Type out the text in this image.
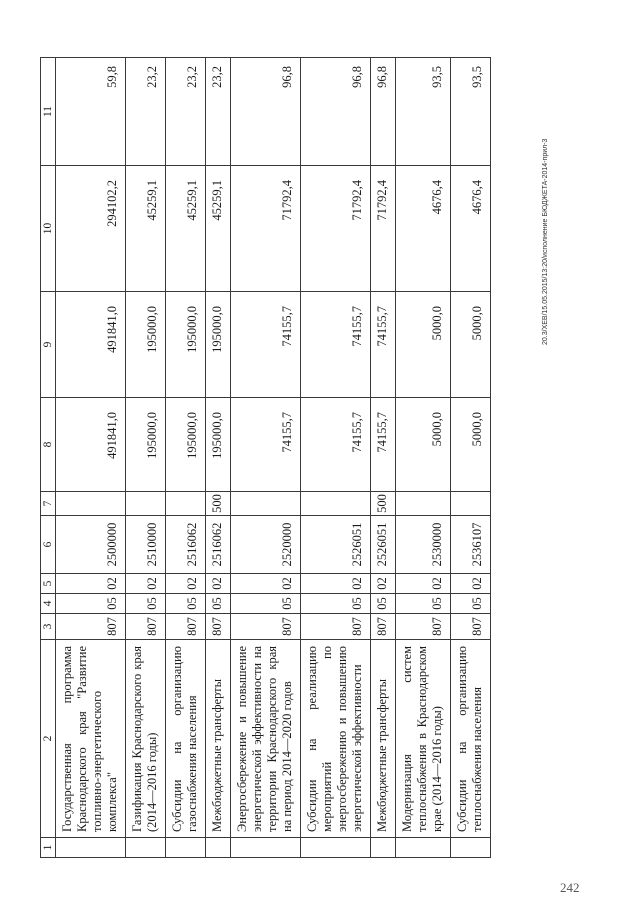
1	2	3	4	5	6	7	8	9	10	11
	Государственная программа Краснодарского края "Развитие топливно-энергетического комплекса"	807	05	02	2500000		491841,0	491841,0	294102,2	59,8
	Газификация Краснодарского края (2014—2016 годы)	807	05	02	2510000		195000,0	195000,0	45259,1	23,2
	Субсидии на организацию газоснабжения населения	807	05	02	2516062		195000,0	195000,0	45259,1	23,2
	Межбюджетные трансферты	807	05	02	2516062	500	195000,0	195000,0	45259,1	23,2
	Энергосбережение и повышение энергетической эффективности на территории Краснодарского края на период 2014—2020 годов	807	05	02	2520000		74155,7	74155,7	71792,4	96,8
	Субсидии на реализацию мероприятий по энергосбережению и повышению энергетической эффективности	807	05	02	2526051		74155,7	74155,7	71792,4	96,8
	Межбюджетные трансферты	807	05	02	2526051	500	74155,7	74155,7	71792,4	96,8
	Модернизация систем теплоснабжения в Краснодарском крае (2014—2016 годы)	807	05	02	2530000		5000,0	5000,0	4676,4	93,5
	Субсидии на организацию теплоснабжения населения	807	05	02	2536107		5000,0	5000,0	4676,4	93,5
20.3/XEB/15.05.2015/13:20/исполнение БЮДЖЕТА-2014-прил-3
242
